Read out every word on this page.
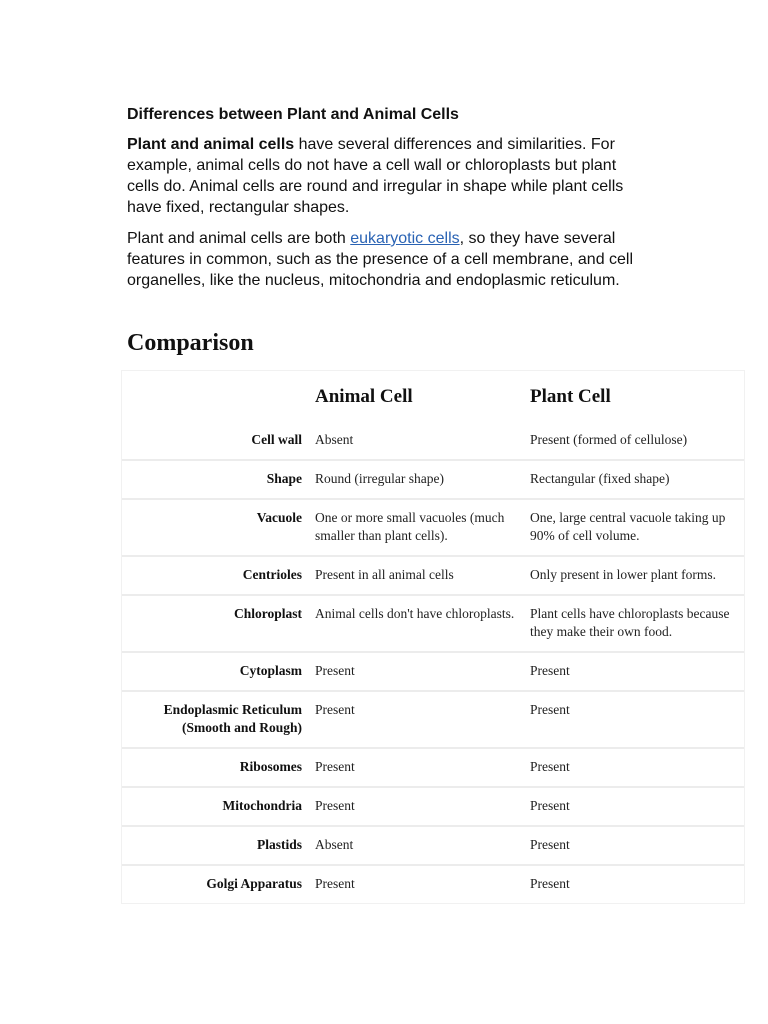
Differences between Plant and Animal Cells

Plant and animal cells have several differences and similarities. For example, animal cells do not have a cell wall or chloroplasts but plant cells do. Animal cells are round and irregular in shape while plant cells have fixed, rectangular shapes.

Plant and animal cells are both eukaryotic cells, so they have several features in common, such as the presence of a cell membrane, and cell organelles, like the nucleus, mitochondria and endoplasmic reticulum.

Comparison
	Animal Cell	Plant Cell
Cell wall	Absent	Present (formed of cellulose)
Shape	Round (irregular shape)	Rectangular (fixed shape)
Vacuole	One or more small vacuoles (much smaller than plant cells).	One, large central vacuole taking up 90% of cell volume.
Centrioles	Present in all animal cells	Only present in lower plant forms.
Chloroplast	Animal cells don't have chloroplasts.	Plant cells have chloroplasts because they make their own food.
Cytoplasm	Present	Present
Endoplasmic Reticulum (Smooth and Rough)	Present	Present
Ribosomes	Present	Present
Mitochondria	Present	Present
Plastids	Absent	Present
Golgi Apparatus	Present	Present
